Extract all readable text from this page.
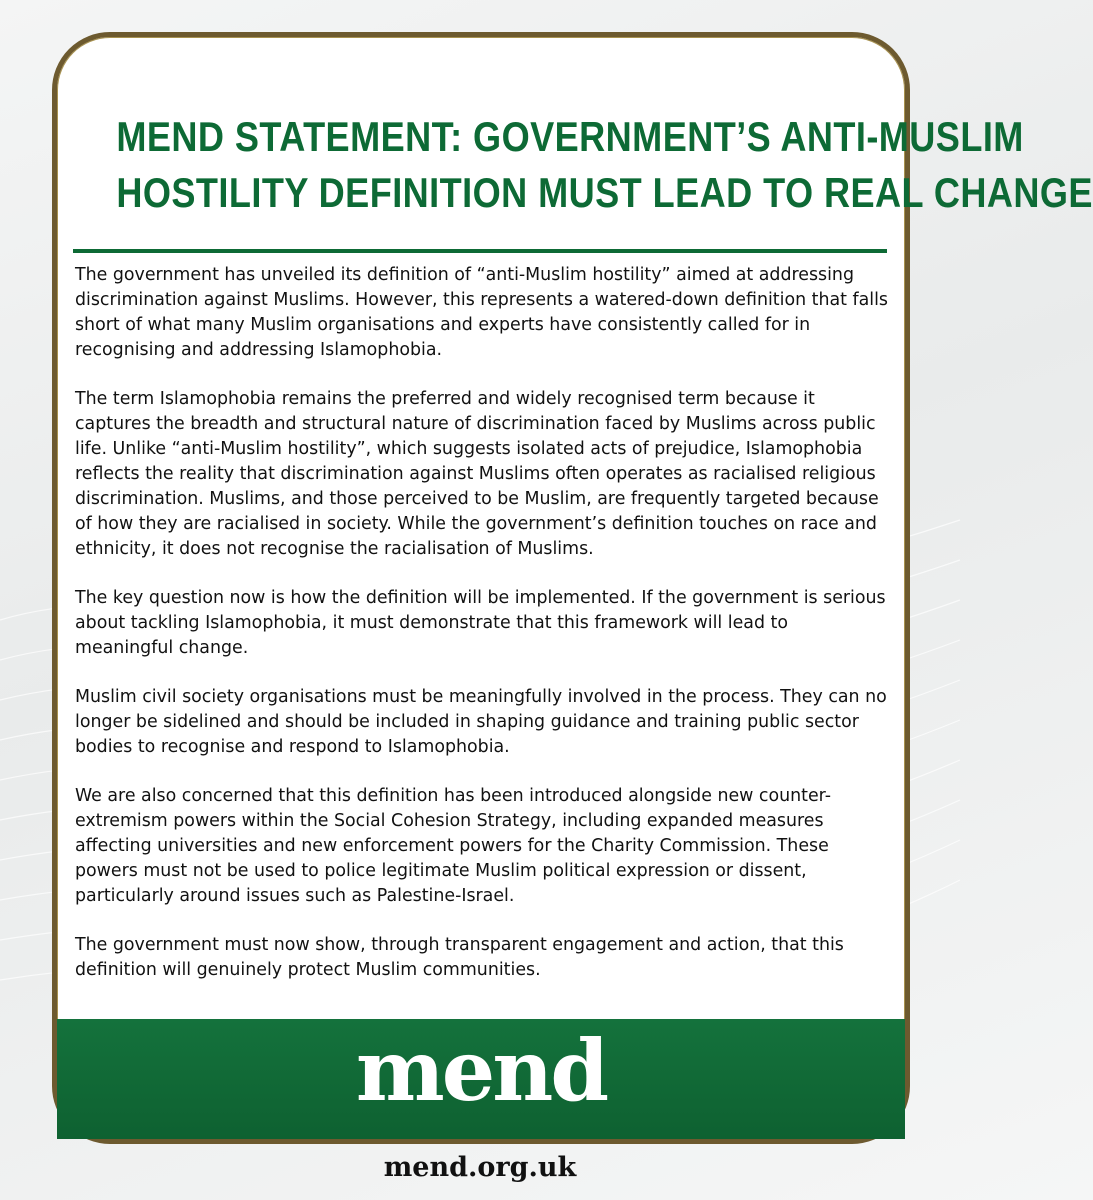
MEND STATEMENT: GOVERNMENT’S ANTI-MUSLIM
HOSTILITY DEFINITION MUST LEAD TO REAL CHANGE

The government has unveiled its definition of “anti-Muslim hostility” aimed at addressing discrimination against Muslims. However, this represents a watered-down definition that falls short of what many Muslim organisations and experts have consistently called for in recognising and addressing Islamophobia.

The term Islamophobia remains the preferred and widely recognised term because it captures the breadth and structural nature of discrimination faced by Muslims across public life. Unlike “anti-Muslim hostility”, which suggests isolated acts of prejudice, Islamophobia reflects the reality that discrimination against Muslims often operates as racialised religious discrimination. Muslims, and those perceived to be Muslim, are frequently targeted because of how they are racialised in society. While the government’s definition touches on race and ethnicity, it does not recognise the racialisation of Muslims.

The key question now is how the definition will be implemented. If the government is serious about tackling Islamophobia, it must demonstrate that this framework will lead to meaningful change.

Muslim civil society organisations must be meaningfully involved in the process. They can no longer be sidelined and should be included in shaping guidance and training public sector bodies to recognise and respond to Islamophobia.

We are also concerned that this definition has been introduced alongside new counter-extremism powers within the Social Cohesion Strategy, including expanded measures affecting universities and new enforcement powers for the Charity Commission. These powers must not be used to police legitimate Muslim political expression or dissent, particularly around issues such as Palestine-Israel.

The government must now show, through transparent engagement and action, that this definition will genuinely protect Muslim communities.

mend
mend.org.uk
